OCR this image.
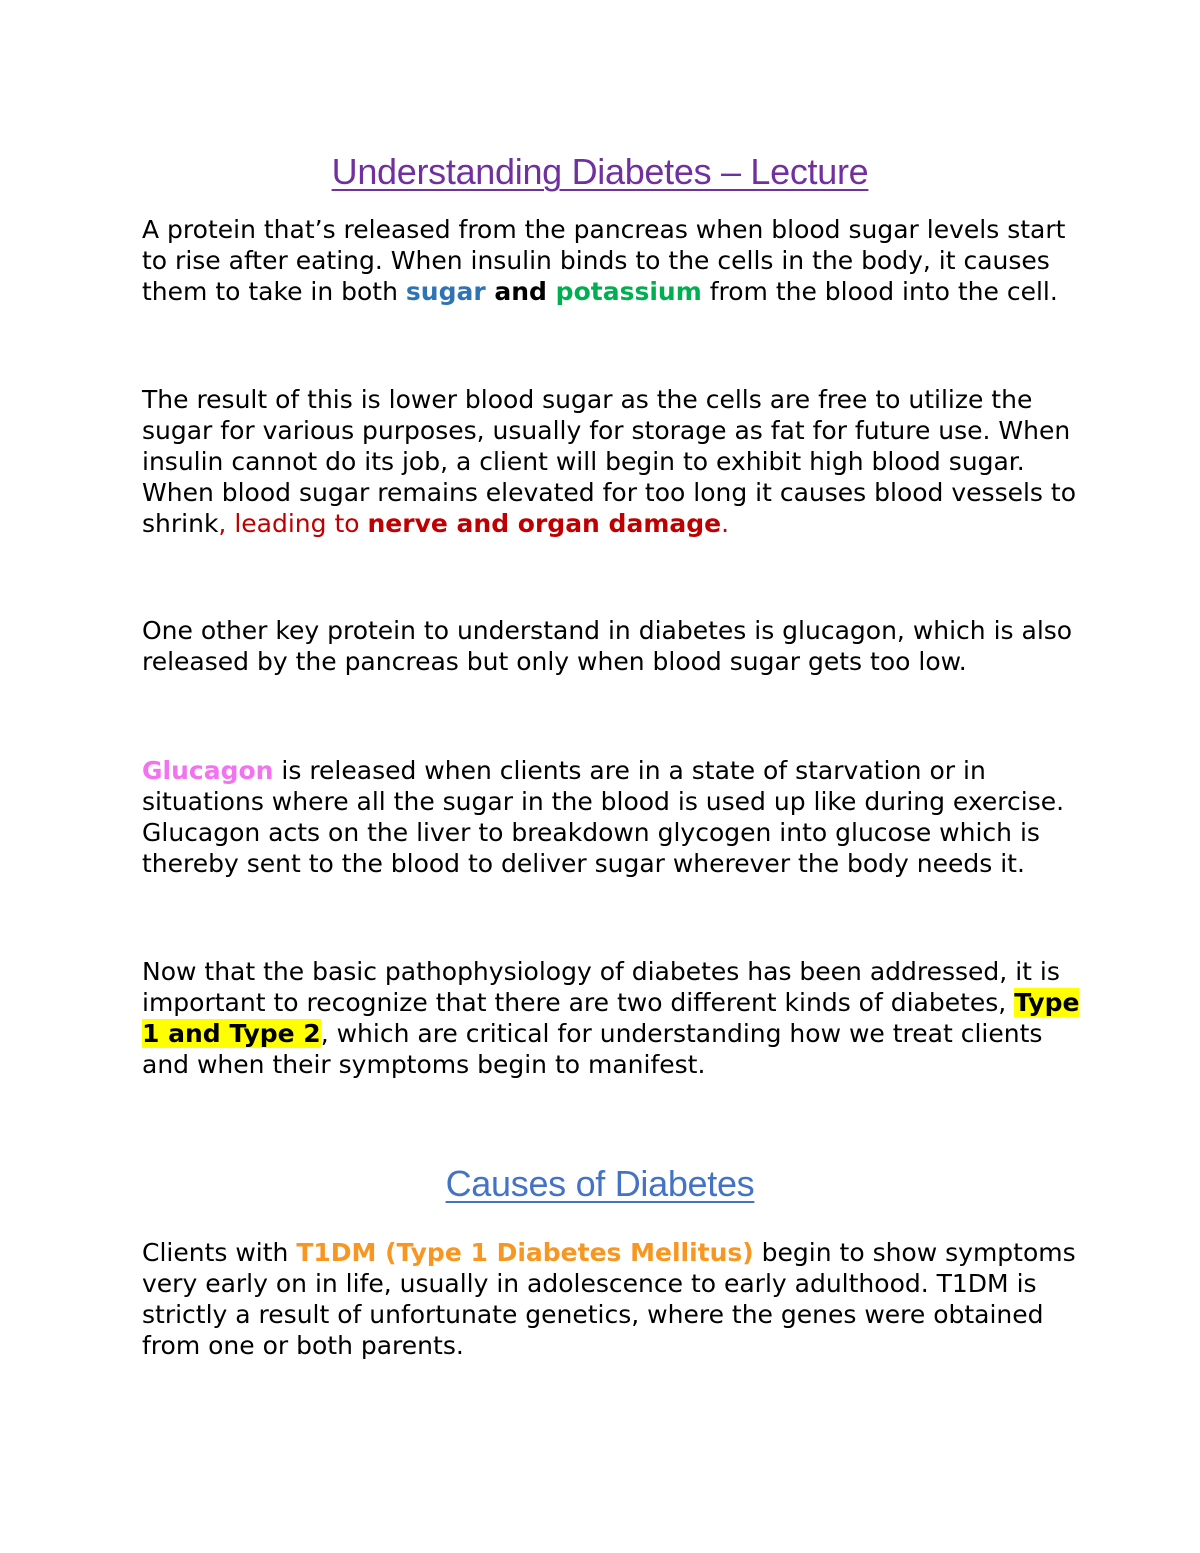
Understanding Diabetes – Lecture

A protein that’s released from the pancreas when blood sugar levels start to rise after eating. When insulin binds to the cells in the body, it causes them to take in both sugar and potassium from the blood into the cell.

The result of this is lower blood sugar as the cells are free to utilize the sugar for various purposes, usually for storage as fat for future use. When insulin cannot do its job, a client will begin to exhibit high blood sugar. When blood sugar remains elevated for too long it causes blood vessels to shrink, leading to nerve and organ damage.

One other key protein to understand in diabetes is glucagon, which is also released by the pancreas but only when blood sugar gets too low.

Glucagon is released when clients are in a state of starvation or in situations where all the sugar in the blood is used up like during exercise. Glucagon acts on the liver to breakdown glycogen into glucose which is thereby sent to the blood to deliver sugar wherever the body needs it.

Now that the basic pathophysiology of diabetes has been addressed, it is important to recognize that there are two different kinds of diabetes, Type 1 and Type 2, which are critical for understanding how we treat clients and when their symptoms begin to manifest.

Causes of Diabetes

Clients with T1DM (Type 1 Diabetes Mellitus) begin to show symptoms very early on in life, usually in adolescence to early adulthood. T1DM is strictly a result of unfortunate genetics, where the genes were obtained from one or both parents.
